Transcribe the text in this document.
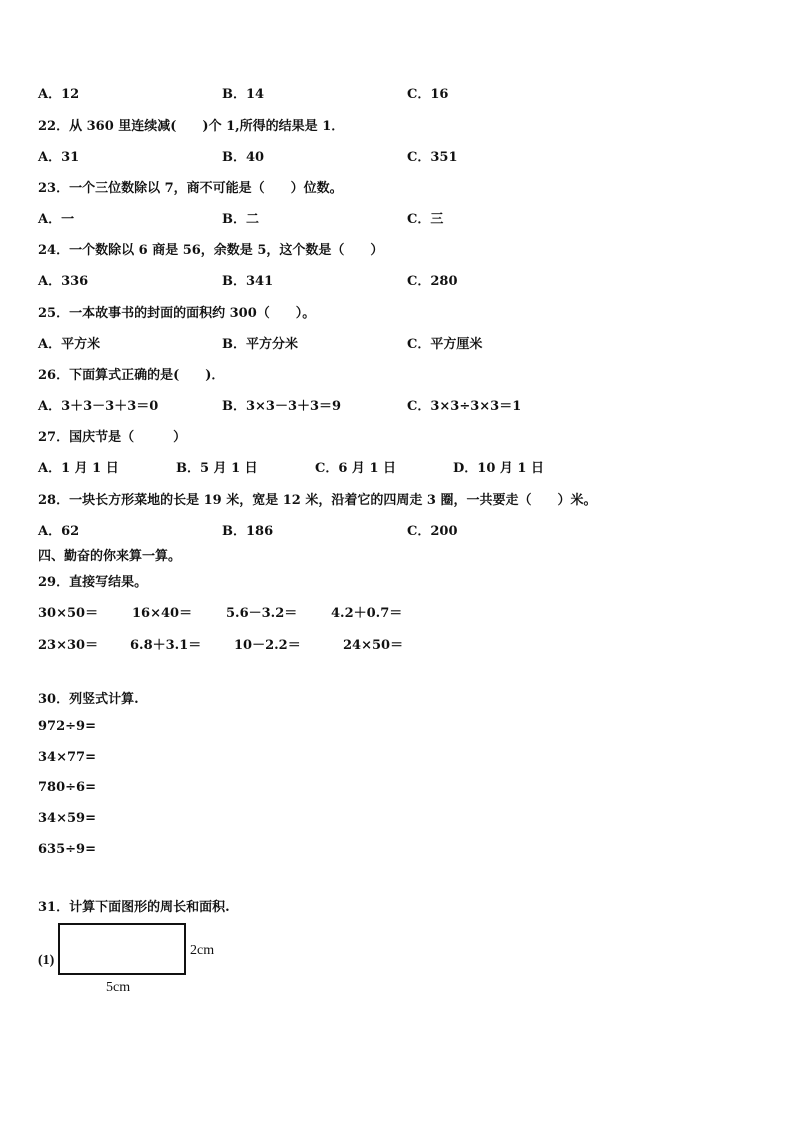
A．12	B．14	C．16
22．从 360 里连续减(　　)个 1,所得的结果是 1．
A．31	B．40	C．351
23．一个三位数除以 7，商不可能是（　　）位数。
A．一	B．二	C．三
24．一个数除以 6 商是 56，余数是 5，这个数是（　　）
A．336	B．341	C．280
25．一本故事书的封面的面积约 300（　　）。
A．平方米	B．平方分米	C．平方厘米
26．下面算式正确的是(　　)．
A．3＋3－3＋3＝0	B．3×3－3＋3＝9	C．3×3÷3×3＝1
27．国庆节是（　　　）
A．1 月 1 日	B．5 月 1 日	C．6 月 1 日	D．10 月 1 日
28．一块长方形菜地的长是 19 米，宽是 12 米，沿着它的四周走 3 圈，一共要走（　　）米。
A．62	B．186	C．200
四、勤奋的你来算一算。
29．直接写结果。
30×50＝	16×40＝	5.6－3.2＝	4.2＋0.7＝
23×30＝ 6.8＋3.1＝	10－2.2＝	24×50＝
30．列竖式计算.
972÷9=
34×77=
780÷6=
34×59=
635÷9=
31．计算下面图形的周长和面积.
(1)
2cm
5cm
